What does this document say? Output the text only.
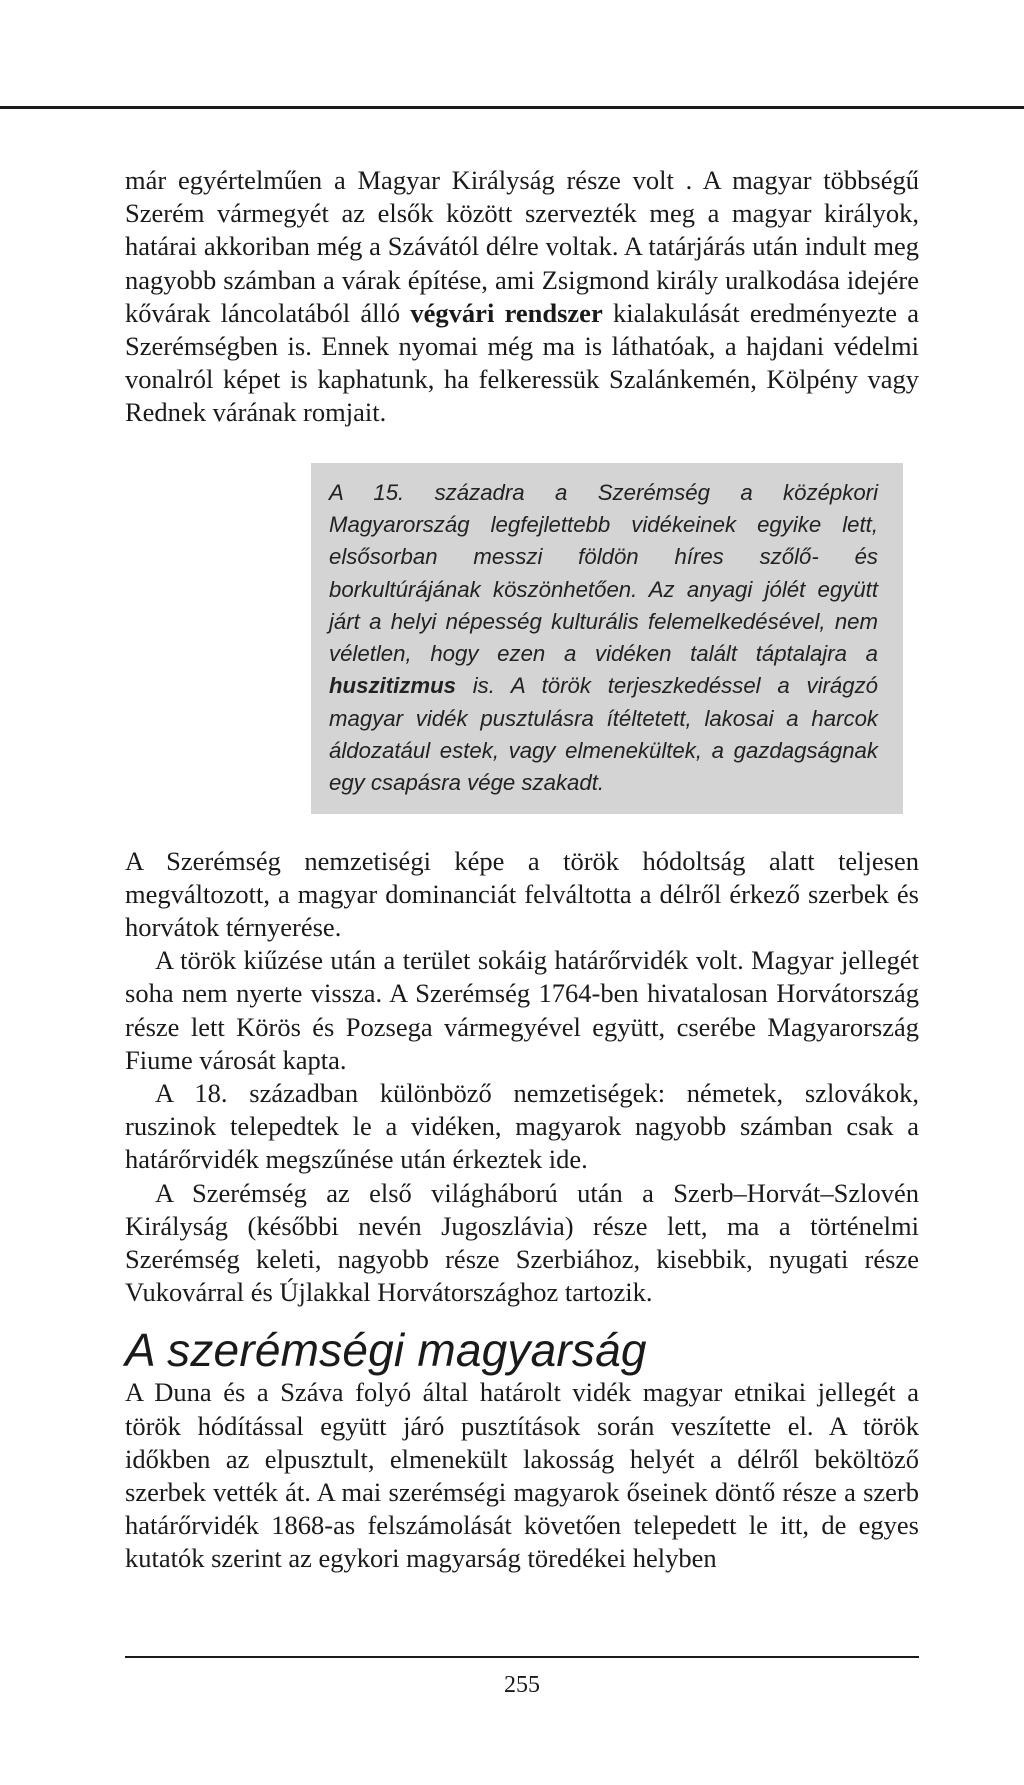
már egyértelműen a Magyar Királyság része volt . A magyar többségű Szerém vármegyét az elsők között szervezték meg a magyar királyok, határai akkoriban még a Szávától délre voltak. A tatárjárás után indult meg nagyobb számban a várak építése, ami Zsigmond király uralkodása idejére kővárak láncolatából álló végvári rendszer kialakulását eredményezte a Szerémségben is. Ennek nyomai még ma is láthatóak, a hajdani védelmi vonalról képet is kaphatunk, ha felkeressük Szalánkemén, Kölpény vagy Rednek várának romjait.

A 15. századra a Szerémség a középkori Magyarország legfejlettebb vidékeinek egyike lett, elsősorban messzi földön híres szőlő- és borkultúrájának köszönhetően. Az anyagi jólét együtt járt a helyi népesség kulturális felemelkedésével, nem véletlen, hogy ezen a vidéken talált táptalajra a huszitizmus is. A török terjeszkedéssel a virágzó magyar vidék pusztulásra ítéltetett, lakosai a harcok áldozatául estek, vagy elmenekültek, a gazdagságnak egy csapásra vége szakadt.

A Szerémség nemzetiségi képe a török hódoltság alatt teljesen megváltozott, a magyar dominanciát felváltotta a délről érkező szerbek és horvátok térnyerése.

A török kiűzése után a terület sokáig határőrvidék volt. Magyar jellegét soha nem nyerte vissza. A Szerémség 1764-ben hivatalosan Horvátország része lett Körös és Pozsega vármegyével együtt, cserébe Magyarország Fiume városát kapta.

A 18. században különböző nemzetiségek: németek, szlovákok, ruszinok telepedtek le a vidéken, magyarok nagyobb számban csak a határőrvidék megszűnése után érkeztek ide.

A Szerémség az első világháború után a Szerb–Horvát–Szlovén Királyság (későbbi nevén Jugoszlávia) része lett, ma a történelmi Szerémség keleti, nagyobb része Szerbiához, kisebbik, nyugati része Vukovárral és Újlakkal Horvátországhoz tartozik.

A szerémségi magyarság

A Duna és a Száva folyó által határolt vidék magyar etnikai jellegét a török hódítással együtt járó pusztítások során veszítette el. A török időkben az elpusztult, elmenekült lakosság helyét a délről beköltöző szerbek vették át. A mai szerémségi magyarok őseinek döntő része a szerb határőrvidék 1868-as felszámolását követően telepedett le itt, de egyes kutatók szerint az egykori magyarság töredékei helyben

255
